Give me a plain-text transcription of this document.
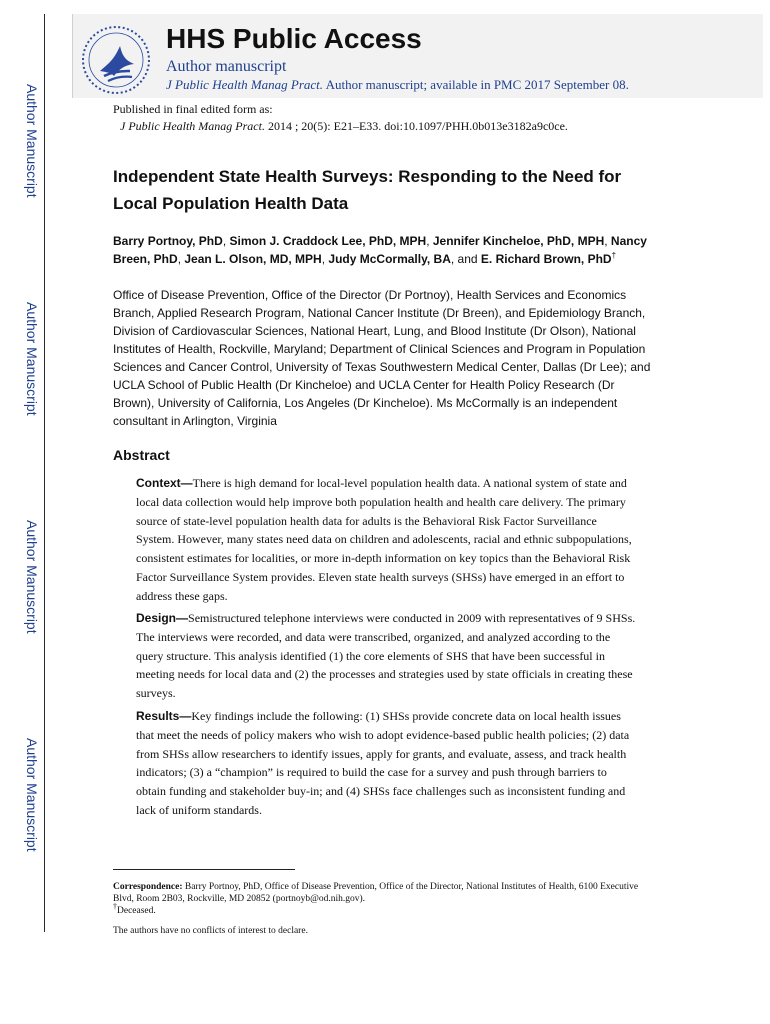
Author Manuscript
Author Manuscript
Author Manuscript
Author Manuscript
HHS Public Access

Author manuscript

J Public Health Manag Pract. Author manuscript; available in PMC 2017 September 08.

Published in final edited form as:
J Public Health Manag Pract. 2014 ; 20(5): E21–E33. doi:10.1097/PHH.0b013e3182a9c0ce.
Independent State Health Surveys: Responding to the Need for Local Population Health Data

Barry Portnoy, PhD, Simon J. Craddock Lee, PhD, MPH, Jennifer Kincheloe, PhD, MPH, Nancy Breen, PhD, Jean L. Olson, MD, MPH, Judy McCormally, BA, and E. Richard Brown, PhD†

Office of Disease Prevention, Office of the Director (Dr Portnoy), Health Services and Economics Branch, Applied Research Program, National Cancer Institute (Dr Breen), and Epidemiology Branch, Division of Cardiovascular Sciences, National Heart, Lung, and Blood Institute (Dr Olson), National Institutes of Health, Rockville, Maryland; Department of Clinical Sciences and Program in Population Sciences and Cancer Control, University of Texas Southwestern Medical Center, Dallas (Dr Lee); and UCLA School of Public Health (Dr Kincheloe) and UCLA Center for Health Policy Research (Dr Brown), University of California, Los Angeles (Dr Kincheloe). Ms McCormally is an independent consultant in Arlington, Virginia

Abstract

Context—There is high demand for local-level population health data. A national system of state and local data collection would help improve both population health and health care delivery. The primary source of state-level population health data for adults is the Behavioral Risk Factor Surveillance System. However, many states need data on children and adolescents, racial and ethnic subpopulations, consistent estimates for localities, or more in-depth information on key topics than the Behavioral Risk Factor Surveillance System provides. Eleven state health surveys (SHSs) have emerged in an effort to address these gaps.

Design—Semistructured telephone interviews were conducted in 2009 with representatives of 9 SHSs. The interviews were recorded, and data were transcribed, organized, and analyzed according to the query structure. This analysis identified (1) the core elements of SHS that have been successful in meeting needs for local data and (2) the processes and strategies used by state officials in creating these surveys.

Results—Key findings include the following: (1) SHSs provide concrete data on local health issues that meet the needs of policy makers who wish to adopt evidence-based public health policies; (2) data from SHSs allow researchers to identify issues, apply for grants, and evaluate, assess, and track health indicators; (3) a “champion” is required to build the case for a survey and push through barriers to obtain funding and stakeholder buy-in; and (4) SHSs face challenges such as inconsistent funding and lack of uniform standards.

Correspondence: Barry Portnoy, PhD, Office of Disease Prevention, Office of the Director, National Institutes of Health, 6100 Executive Blvd, Room 2B03, Rockville, MD 20852 (portnoyb@od.nih.gov).

†Deceased.

The authors have no conflicts of interest to declare.
